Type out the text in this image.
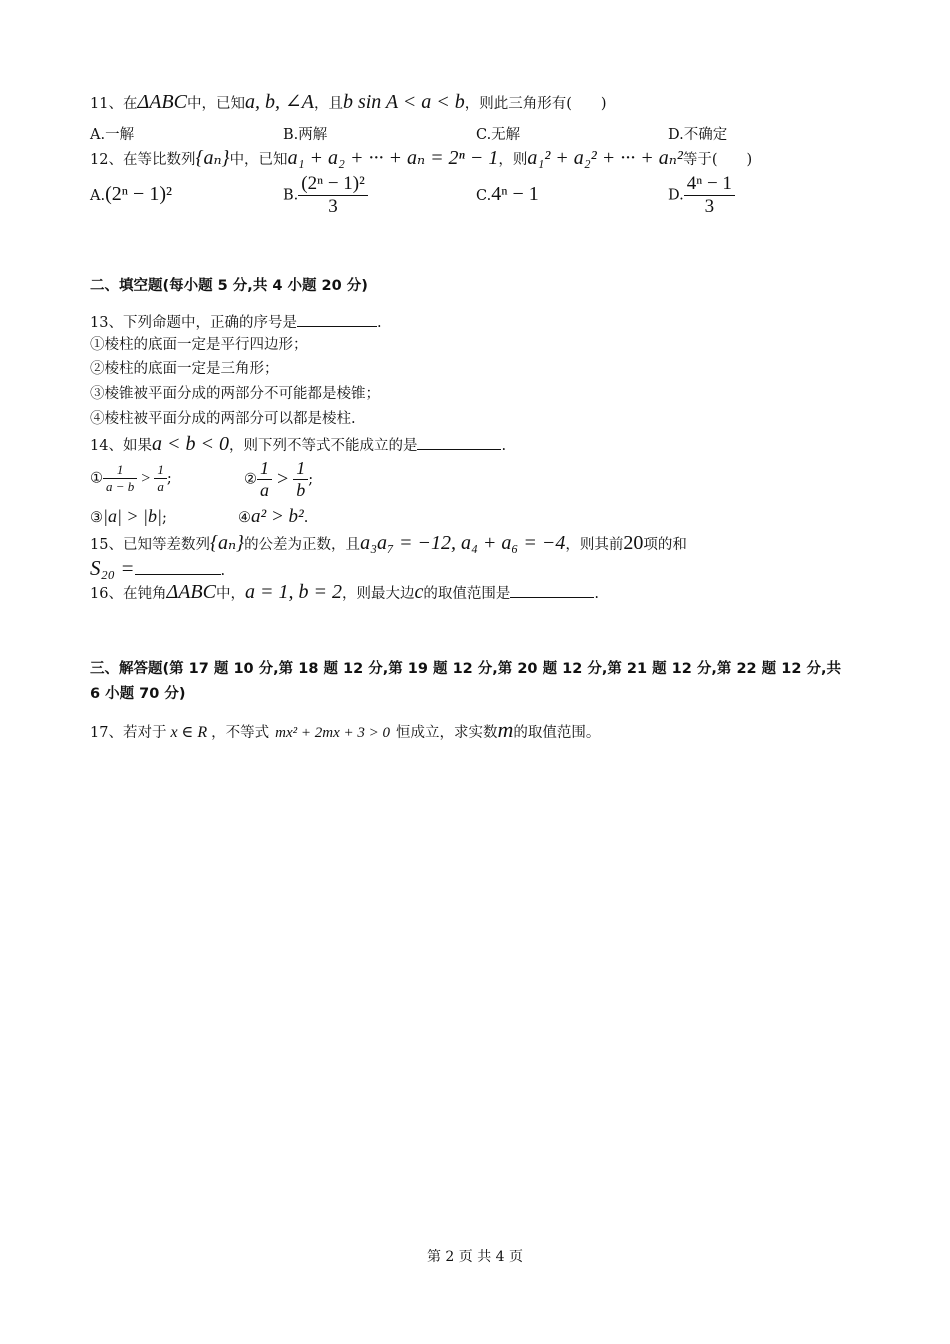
11、在ΔABC中，已知a, b, ∠A，且b sin A < a < b，则此三角形有(　　)
A.一解	B.两解	C.无解	D.不确定
12、在等比数列{aₙ}中，已知a₁ + a₂ + ··· + aₙ = 2ⁿ − 1，则a₁² + a₂² + ··· + aₙ²等于(　　)
A.(2ⁿ − 1)²	B. $\frac{\text{(2ⁿ − 1)²}}{3}$	C.4ⁿ − 1	D. $\frac{\text{4ⁿ − 1}}{3}$
二、填空题(每小题 5 分,共 4 小题 20 分)
13、下列命题中，正确的序号是	.
①棱柱的底面一定是平行四边形；
②棱柱的底面一定是三角形；
③棱锥被平面分成的两部分不可能都是棱锥；
④棱柱被平面分成的两部分可以都是棱柱.
14、如果a < b < 0，则下列不等式不能成立的是	.
① $\frac{1}{a - b} > \frac{1}{a}$ ;	② $\frac{1}{a} > \frac{1}{b}$ ;
③|a| > |b|;	④a² > b².
15、已知等差数列{aₙ}的公差为正数，且a₃a₇ = −12, a₄ + a₆ = −4，则其前20项的和
S₂₀ =	.
16、在钝角ΔABC中，a = 1, b = 2，则最大边c的取值范围是	.
三、解答题(第 17 题 10 分,第 18 题 12 分,第 19 题 12 分,第 20 题 12 分,第 21 题 12 分,第 22 题 12 分,共
6 小题 70 分)
17、若对于 x ∈ R ，不等式 mx² + 2mx + 3 > 0 恒成立，求实数m的取值范围。
第 2 页 共 4 页
